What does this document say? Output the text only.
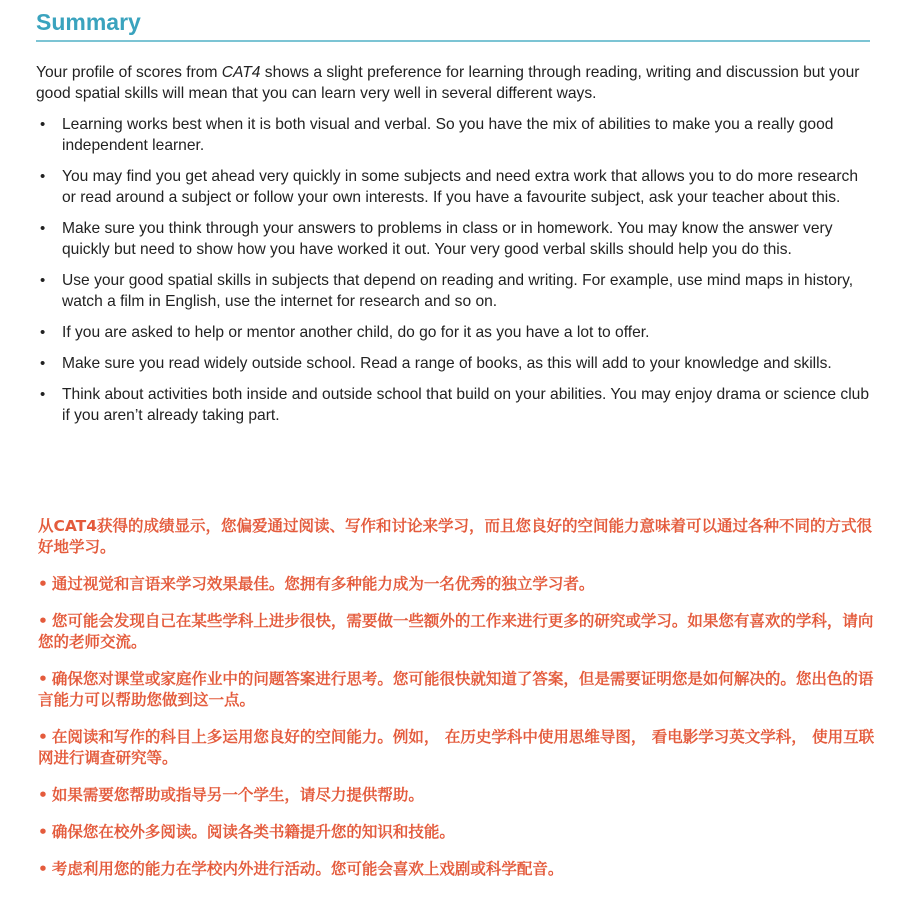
Summary

Your profile of scores from CAT4 shows a slight preference for learning through reading, writing and discussion but your good spatial skills will mean that you can learn very well in several different ways.

• Learning works best when it is both visual and verbal. So you have the mix of abilities to make you a really good independent learner.
• You may find you get ahead very quickly in some subjects and need extra work that allows you to do more research or read around a subject or follow your own interests. If you have a favourite subject, ask your teacher about this.
• Make sure you think through your answers to problems in class or in homework. You may know the answer very quickly but need to show how you have worked it out. Your very good verbal skills should help you do this.
• Use your good spatial skills in subjects that depend on reading and writing. For example, use mind maps in history, watch a film in English, use the internet for research and so on.
• If you are asked to help or mentor another child, do go for it as you have a lot to offer.
• Make sure you read widely outside school. Read a range of books, as this will add to your knowledge and skills.
• Think about activities both inside and outside school that build on your abilities. You may enjoy drama or science club if you aren’t already taking part.

从CAT4获得的成绩显示，您偏爱通过阅读、写作和讨论来学习，而且您良好的空间能力意味着可以通过各种不同的方式很好地学习。

• 通过视觉和言语来学习效果最佳。您拥有多种能力成为一名优秀的独立学习者。

• 您可能会发现自己在某些学科上进步很快，需要做一些额外的工作来进行更多的研究或学习。如果您有喜欢的学科，请向您的老师交流。

• 确保您对课堂或家庭作业中的问题答案进行思考。您可能很快就知道了答案，但是需要证明您是如何解决的。您出色的语言能力可以帮助您做到这一点。

• 在阅读和写作的科目上多运用您良好的空间能力。例如， 在历史学科中使用思维导图， 看电影学习英文学科， 使用互联网进行调查研究等。

• 如果需要您帮助或指导另一个学生，请尽力提供帮助。

• 确保您在校外多阅读。阅读各类书籍提升您的知识和技能。

• 考虑利用您的能力在学校内外进行活动。您可能会喜欢上戏剧或科学配音。
